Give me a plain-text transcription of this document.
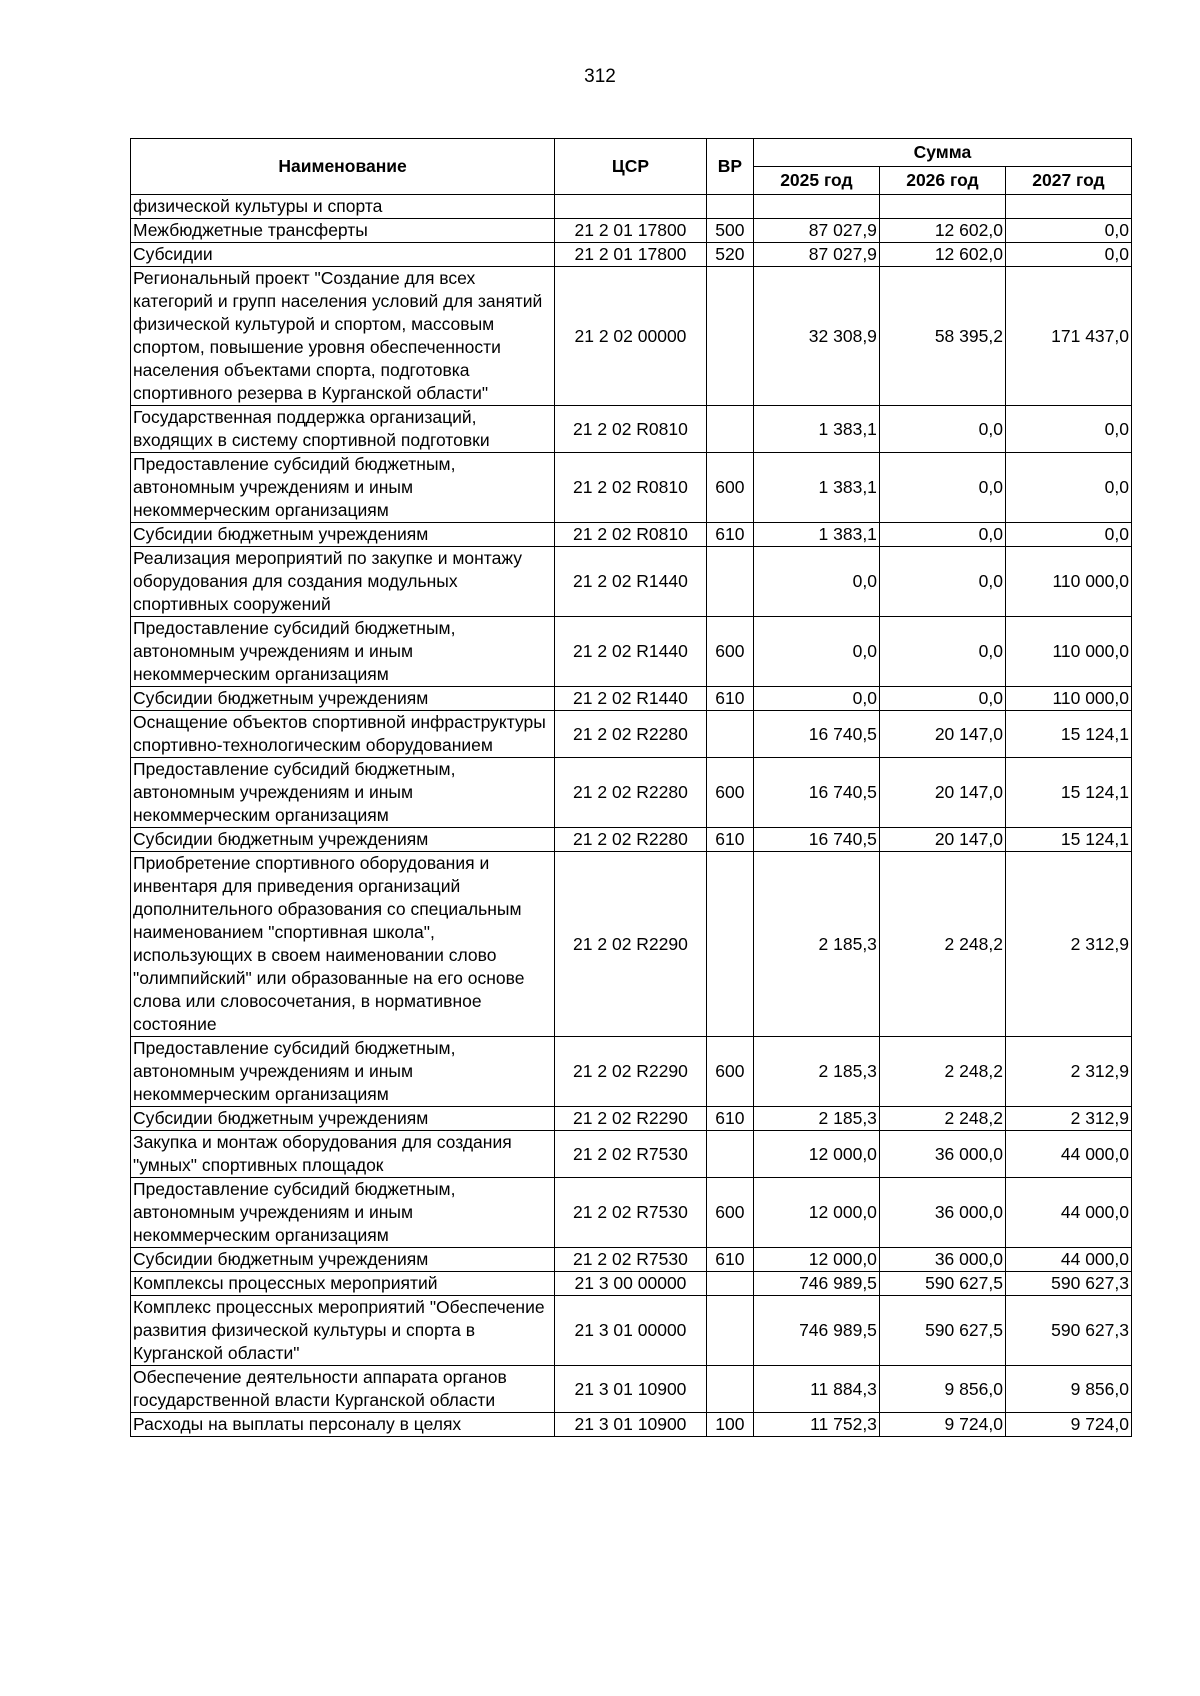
312
Наименование	ЦСР	ВР	Сумма		
			2025 год	2026 год	2027 год
физической культуры и спорта					
Межбюджетные трансферты	21 2 01 17800	500	87 027,9	12 602,0	0,0
Субсидии	21 2 01 17800	520	87 027,9	12 602,0	0,0
Региональный проект "Создание для всех категорий и групп населения условий для занятий физической культурой и спортом, массовым спортом, повышение уровня обеспеченности населения объектами спорта, подготовка спортивного резерва в Курганской области"	21 2 02 00000		32 308,9	58 395,2	171 437,0
Государственная поддержка организаций, входящих в систему спортивной подготовки	21 2 02 R0810		1 383,1	0,0	0,0
Предоставление субсидий бюджетным, автономным учреждениям и иным некоммерческим организациям	21 2 02 R0810	600	1 383,1	0,0	0,0
Субсидии бюджетным учреждениям	21 2 02 R0810	610	1 383,1	0,0	0,0
Реализация мероприятий по закупке и монтажу оборудования для создания модульных спортивных сооружений	21 2 02 R1440		0,0	0,0	110 000,0
Предоставление субсидий бюджетным, автономным учреждениям и иным некоммерческим организациям	21 2 02 R1440	600	0,0	0,0	110 000,0
Субсидии бюджетным учреждениям	21 2 02 R1440	610	0,0	0,0	110 000,0
Оснащение объектов спортивной инфраструктуры спортивно-технологическим оборудованием	21 2 02 R2280		16 740,5	20 147,0	15 124,1
Предоставление субсидий бюджетным, автономным учреждениям и иным некоммерческим организациям	21 2 02 R2280	600	16 740,5	20 147,0	15 124,1
Субсидии бюджетным учреждениям	21 2 02 R2280	610	16 740,5	20 147,0	15 124,1
Приобретение спортивного оборудования и инвентаря для приведения организаций дополнительного образования со специальным наименованием "спортивная школа", использующих в своем наименовании слово "олимпийский" или образованные на его основе слова или словосочетания, в нормативное состояние	21 2 02 R2290		2 185,3	2 248,2	2 312,9
Предоставление субсидий бюджетным, автономным учреждениям и иным некоммерческим организациям	21 2 02 R2290	600	2 185,3	2 248,2	2 312,9
Субсидии бюджетным учреждениям	21 2 02 R2290	610	2 185,3	2 248,2	2 312,9
Закупка и монтаж оборудования для создания "умных" спортивных площадок	21 2 02 R7530		12 000,0	36 000,0	44 000,0
Предоставление субсидий бюджетным, автономным учреждениям и иным некоммерческим организациям	21 2 02 R7530	600	12 000,0	36 000,0	44 000,0
Субсидии бюджетным учреждениям	21 2 02 R7530	610	12 000,0	36 000,0	44 000,0
Комплексы процессных мероприятий	21 3 00 00000		746 989,5	590 627,5	590 627,3
Комплекс процессных мероприятий "Обеспечение развития физической культуры и спорта в Курганской области"	21 3 01 00000		746 989,5	590 627,5	590 627,3
Обеспечение деятельности аппарата органов государственной власти Курганской области	21 3 01 10900		11 884,3	9 856,0	9 856,0
Расходы на выплаты персоналу в целях	21 3 01 10900	100	11 752,3	9 724,0	9 724,0
